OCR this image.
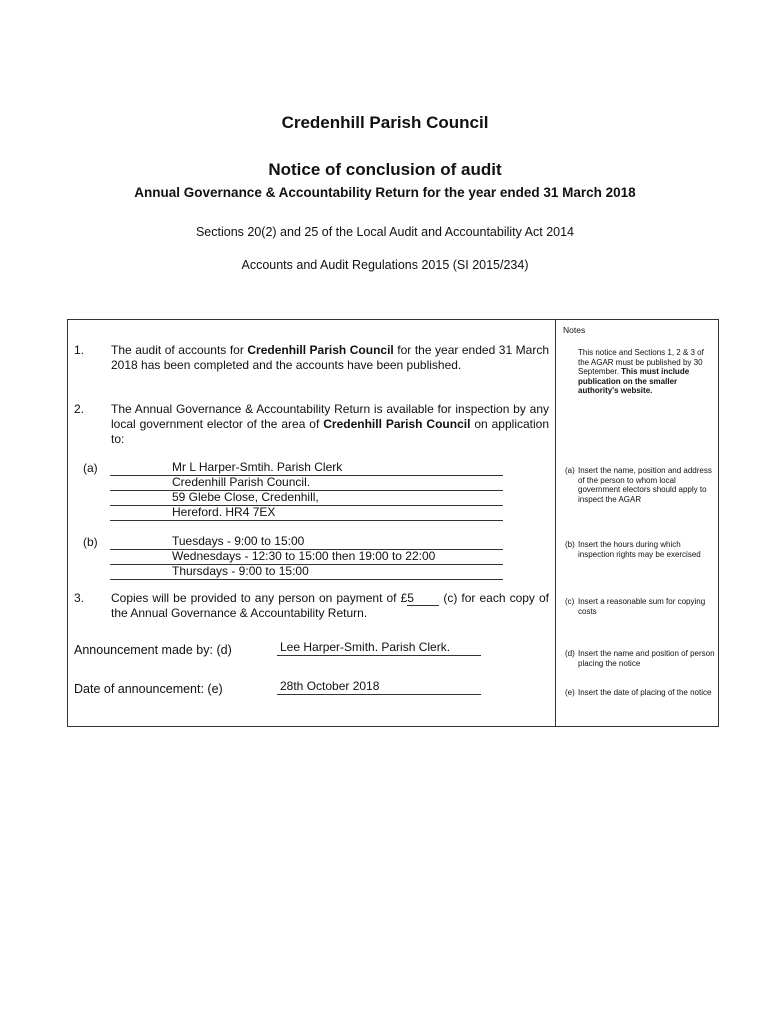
Credenhill Parish Council
Notice of conclusion of audit
Annual Governance & Accountability Return for the year ended 31 March 2018
Sections 20(2) and 25 of the Local Audit and Accountability Act 2014
Accounts and Audit Regulations 2015 (SI 2015/234)
1. The audit of accounts for Credenhill Parish Council for the year ended 31 March 2018 has been completed and the accounts have been published.
2. The Annual Governance & Accountability Return is available for inspection by any local government elector of the area of Credenhill Parish Council on application to:
(a)	Mr L Harper-Smtih. Parish Clerk
Credenhill Parish Council.
59 Glebe Close, Credenhill,
Hereford. HR4 7EX
(b)	Tuesdays - 9:00 to 15:00
Wednesdays - 12:30 to 15:00 then 19:00 to 22:00
Thursdays - 9:00 to 15:00
3. Copies will be provided to any person on payment of £5 (c) for each copy of the Annual Governance & Accountability Return.
Announcement made by: (d)	Lee Harper-Smith. Parish Clerk.
Date of announcement: (e)	28th October 2018
Notes
This notice and Sections 1, 2 & 3 of the AGAR must be published by 30 September. This must include publication on the smaller authority's website.
(a) Insert the name, position and address of the person to whom local government electors should apply to inspect the AGAR
(b) Insert the hours during which inspection rights may be exercised
(c) Insert a reasonable sum for copying costs
(d) Insert the name and position of person placing the notice
(e) Insert the date of placing of the notice
